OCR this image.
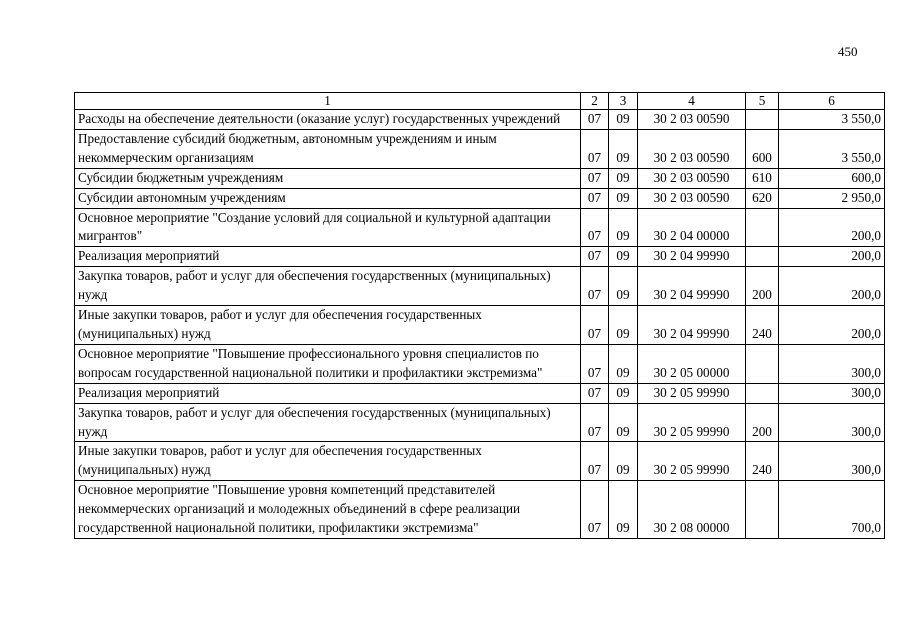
450
1	2	3	4	5	6
Расходы на обеспечение деятельности (оказание услуг) государственных учреждений	07	09	30 2 03 00590		3 550,0
Предоставление субсидий бюджетным, автономным учреждениям и иным некоммерческим организациям	07	09	30 2 03 00590	600	3 550,0
Субсидии бюджетным учреждениям	07	09	30 2 03 00590	610	600,0
Субсидии автономным учреждениям	07	09	30 2 03 00590	620	2 950,0
Основное мероприятие "Создание условий для социальной и культурной адаптации мигрантов"	07	09	30 2 04 00000		200,0
Реализация мероприятий	07	09	30 2 04 99990		200,0
Закупка товаров, работ и услуг для обеспечения государственных (муниципальных) нужд	07	09	30 2 04 99990	200	200,0
Иные закупки товаров, работ и услуг для обеспечения государственных (муниципальных) нужд	07	09	30 2 04 99990	240	200,0
Основное мероприятие "Повышение профессионального уровня специалистов по вопросам государственной национальной политики и профилактики экстремизма"	07	09	30 2 05 00000		300,0
Реализация мероприятий	07	09	30 2 05 99990		300,0
Закупка товаров, работ и услуг для обеспечения государственных (муниципальных) нужд	07	09	30 2 05 99990	200	300,0
Иные закупки товаров, работ и услуг для обеспечения государственных (муниципальных) нужд	07	09	30 2 05 99990	240	300,0
Основное мероприятие "Повышение уровня компетенций представителей некоммерческих организаций и молодежных объединений в сфере реализации государственной национальной политики, профилактики экстремизма"	07	09	30 2 08 00000		700,0
